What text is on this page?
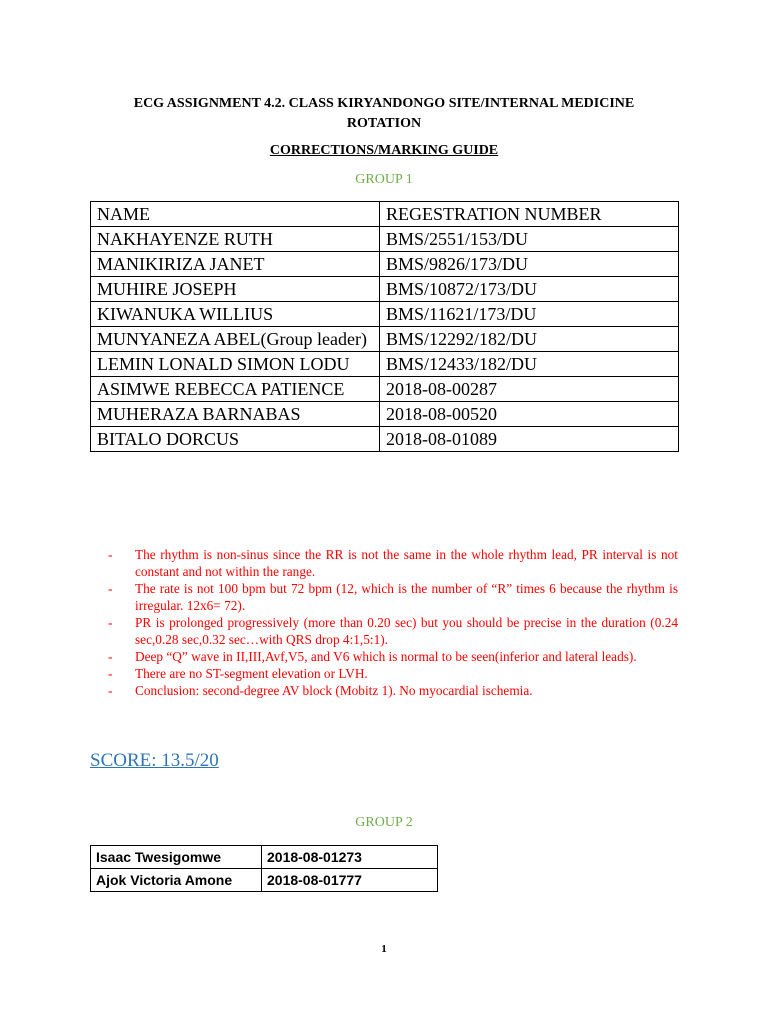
ECG ASSIGNMENT 4.2. CLASS KIRYANDONGO SITE/INTERNAL MEDICINE
ROTATION
CORRECTIONS/MARKING GUIDE
GROUP 1
NAME	REGESTRATION NUMBER
NAKHAYENZE RUTH	BMS/2551/153/DU
MANIKIRIZA JANET	BMS/9826/173/DU
MUHIRE JOSEPH	BMS/10872/173/DU
KIWANUKA WILLIUS	BMS/11621/173/DU
MUNYANEZA ABEL(Group leader)	BMS/12292/182/DU
LEMIN LONALD SIMON LODU	BMS/12433/182/DU
ASIMWE REBECCA PATIENCE	2018-08-00287
MUHERAZA BARNABAS	2018-08-00520
BITALO DORCUS	2018-08-01089
- The rhythm is non-sinus since the RR is not the same in the whole rhythm lead, PR interval is not constant and not within the range.
- The rate is not 100 bpm but 72 bpm (12, which is the number of “R” times 6 because the rhythm is irregular. 12x6= 72).
- PR is prolonged progressively (more than 0.20 sec) but you should be precise in the duration (0.24 sec,0.28 sec,0.32 sec…with QRS drop 4:1,5:1).
- Deep “Q” wave in II,III,Avf,V5, and V6 which is normal to be seen(inferior and lateral leads).
- There are no ST-segment elevation or LVH.
- Conclusion: second-degree AV block (Mobitz 1). No myocardial ischemia.
SCORE: 13.5/20
GROUP 2
Isaac Twesigomwe	2018-08-01273
Ajok Victoria Amone	2018-08-01777
1
